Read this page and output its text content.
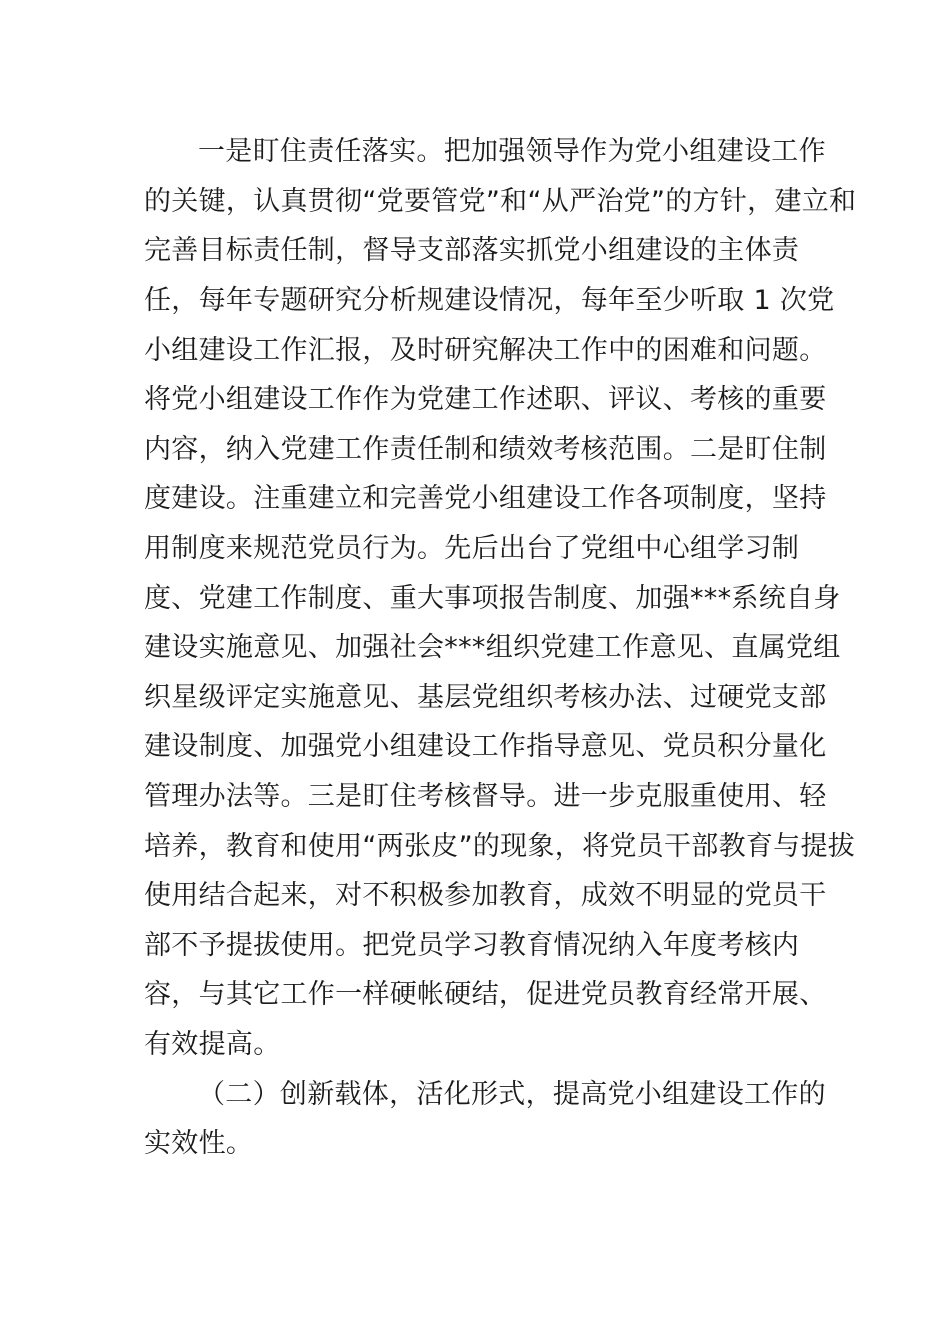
一是盯住责任落实。把加强领导作为党小组建设工作
的关键，认真贯彻“党要管党”和“从严治党”的方针，建立和
完善目标责任制，督导支部落实抓党小组建设的主体责
任，每年专题研究分析规建设情况，每年至少听取 1 次党
小组建设工作汇报，及时研究解决工作中的困难和问题。
将党小组建设工作作为党建工作述职、评议、考核的重要
内容，纳入党建工作责任制和绩效考核范围。二是盯住制
度建设。注重建立和完善党小组建设工作各项制度，坚持
用制度来规范党员行为。先后出台了党组中心组学习制
度、党建工作制度、重大事项报告制度、加强***系统自身
建设实施意见、加强社会***组织党建工作意见、直属党组
织星级评定实施意见、基层党组织考核办法、过硬党支部
建设制度、加强党小组建设工作指导意见、党员积分量化
管理办法等。三是盯住考核督导。进一步克服重使用、轻
培养，教育和使用“两张皮”的现象，将党员干部教育与提拔
使用结合起来，对不积极参加教育，成效不明显的党员干
部不予提拔使用。把党员学习教育情况纳入年度考核内
容，与其它工作一样硬帐硬结，促进党员教育经常开展、
有效提高。
（二）创新载体，活化形式，提高党小组建设工作的
实效性。
